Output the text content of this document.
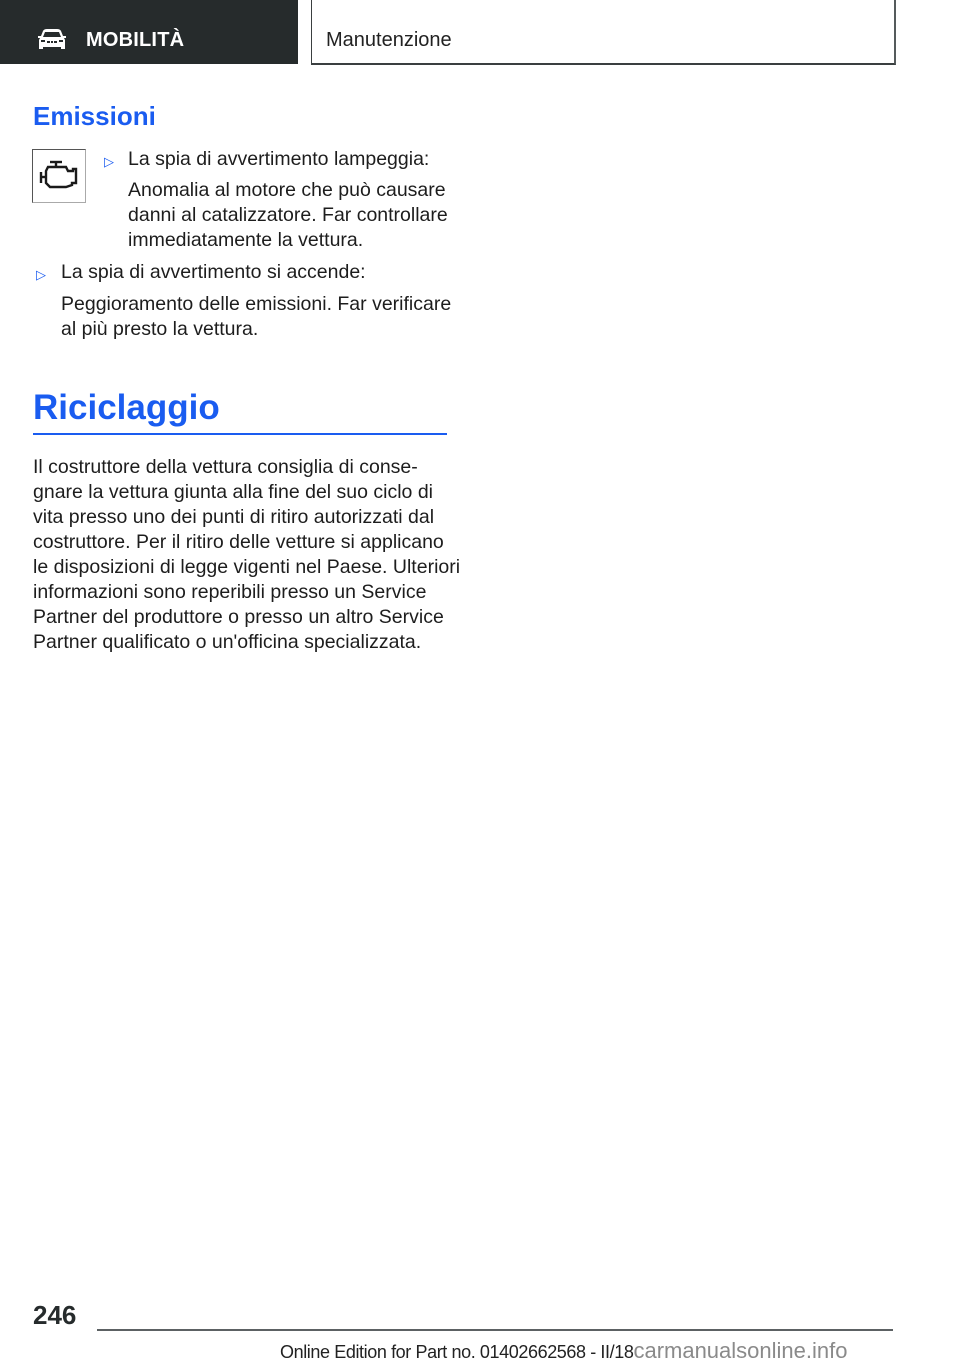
MOBILITÀ	Manutenzione
Emissioni
▷ La spia di avvertimento lampeggia:
Anomalia al motore che può causare
danni al catalizzatore. Far controllare
immediatamente la vettura.
▷ La spia di avvertimento si accende:
Peggioramento delle emissioni. Far verificare
al più presto la vettura.
Riciclaggio
Il costruttore della vettura consiglia di conse-
gnare la vettura giunta alla fine del suo ciclo di
vita presso uno dei punti di ritiro autorizzati dal
costruttore. Per il ritiro delle vetture si applicano
le disposizioni di legge vigenti nel Paese. Ulteriori
informazioni sono reperibili presso un Service
Partner del produttore o presso un altro Service
Partner qualificato o un'officina specializzata.
246
Online Edition for Part no. 01402662568 - II/18carmanualsonline.info
